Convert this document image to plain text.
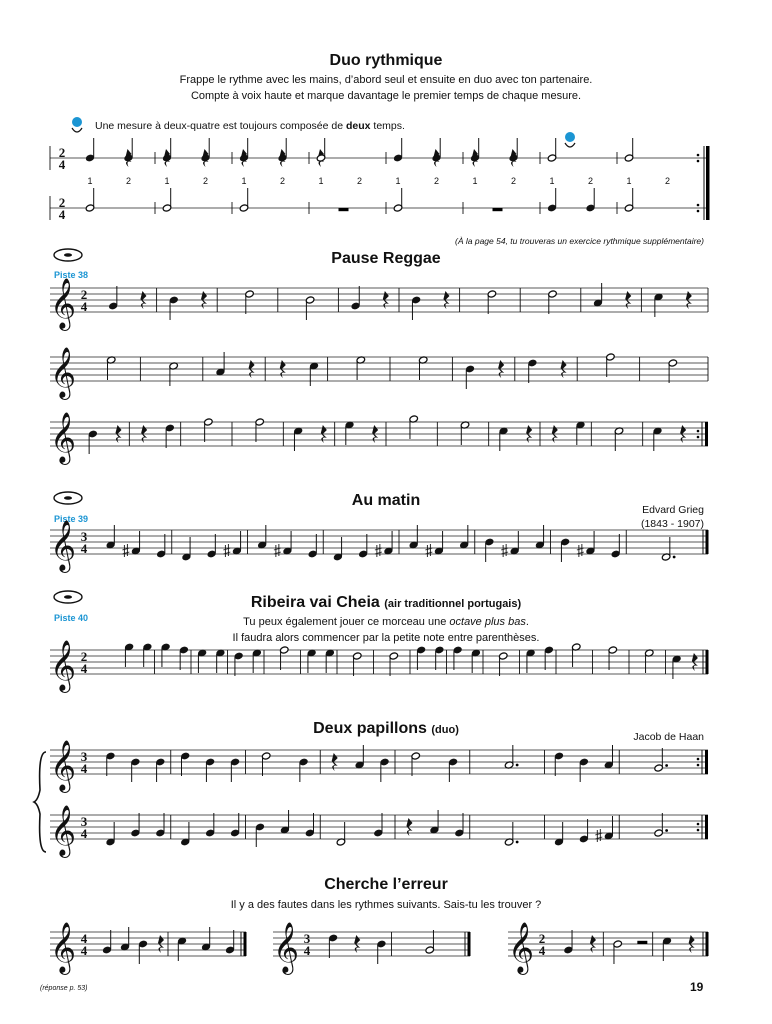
Duo rythmique
Frappe le rythme avec les mains, d’abord seul et ensuite en duo avec ton partenaire.
Compte à voix haute et marque davantage le premier temps de chaque mesure.
Une mesure à deux-quatre est toujours composée de deux temps.
(À la page 54, tu trouveras un exercice rythmique supplémentaire)
Pause Reggae
Piste 38
Au matin
Piste 39
Edvard Grieg
(1843 - 1907)
Ribeira vai Cheia (air traditionnel portugais)
Piste 40	Tu peux également jouer ce morceau une octave plus bas.
Il faudra alors commencer par la petite note entre parenthèses.
Deux papillons (duo)
Jacob de Haan
Cherche l’erreur
Il y a des fautes dans les rythmes suivants. Sais-tu les trouver ?
(réponse p. 53)	19
2
4
1	2	1	2	1	2	1	2	1	2	1	2	1	2	1	2
2
4
𝄞 2
4
𝄞
𝄞
𝄞 3
4
𝄞 2
4
𝄞 3
4
𝄞 3
4
𝄞 4
4	𝄞 3
4	𝄞 2
4
